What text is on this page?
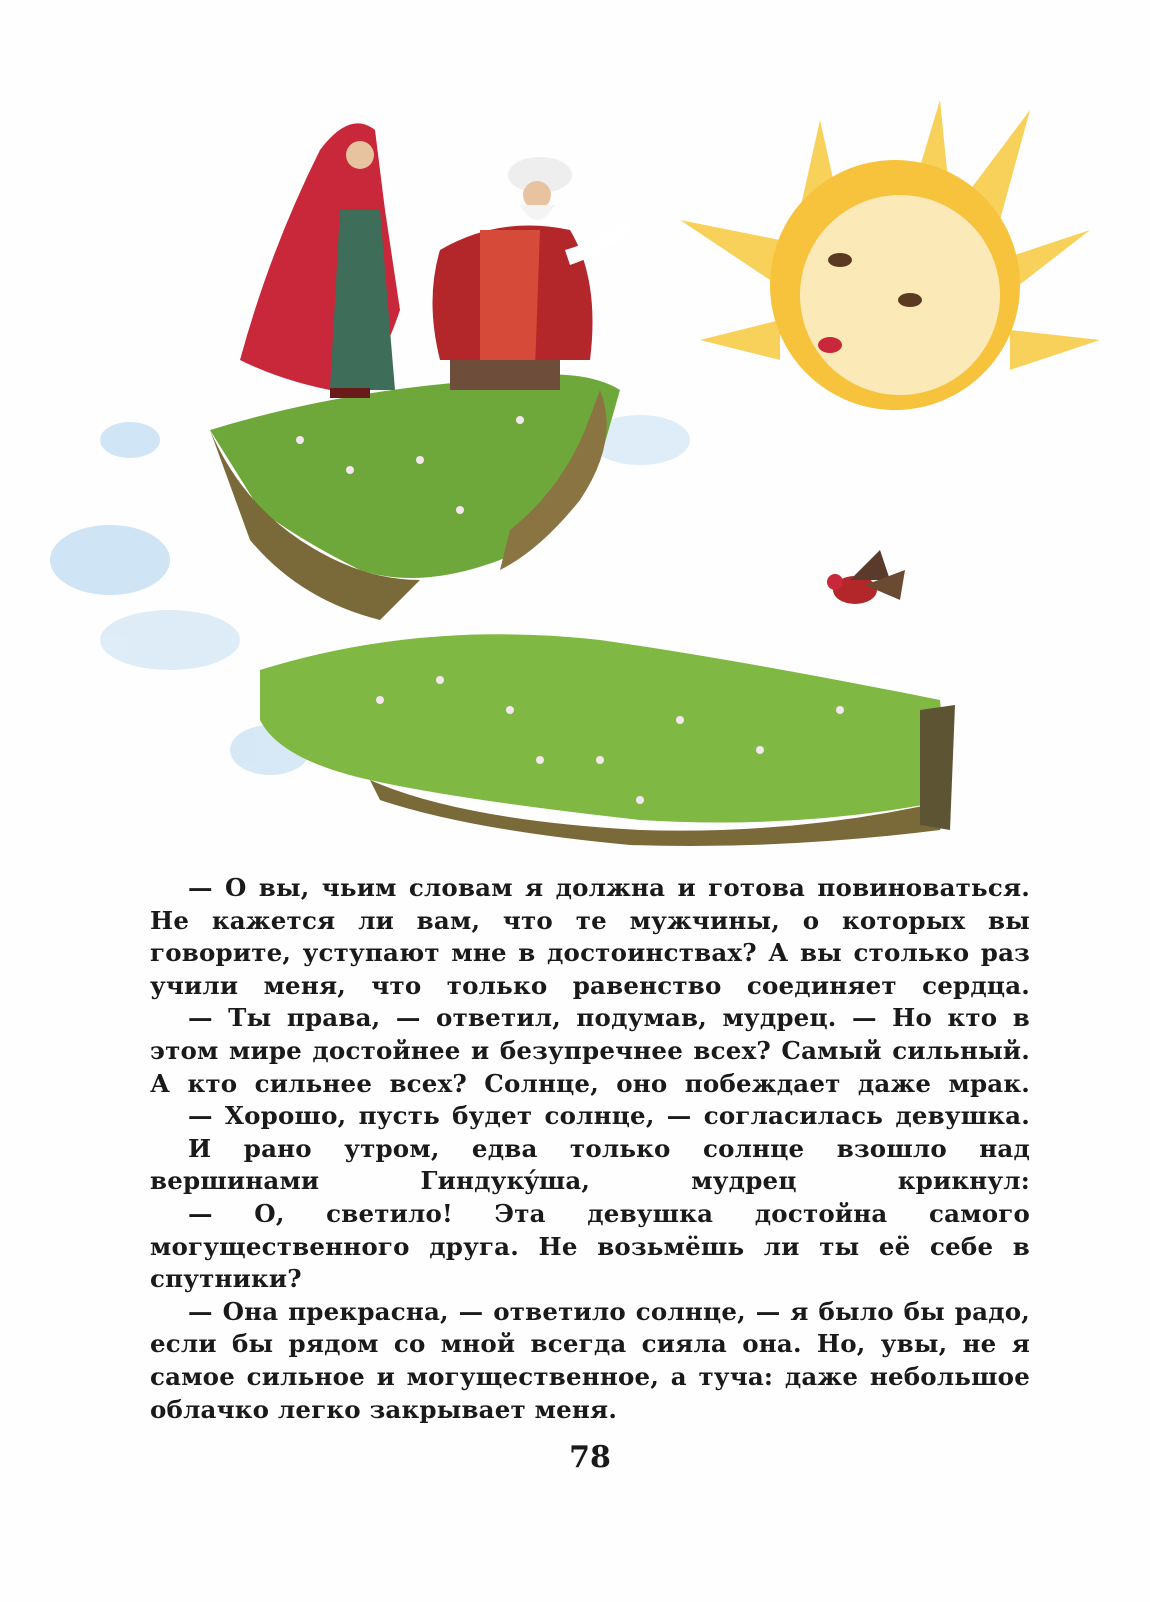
— О вы, чьим словам я должна и готова повиноваться. Не кажется ли вам, что те мужчины, о которых вы говорите, уступают мне в достоинствах? А вы столько раз учили меня, что только равенство соединяет сердца.

— Ты права, — ответил, подумав, мудрец. — Но кто в этом мире достойнее и безупречнее всех? Самый сильный. А кто сильнее всех? Солнце, оно побеждает даже мрак.

— Хорошо, пусть будет солнце, — согласилась девушка.

И рано утром, едва только солнце взошло над вершинами Гиндукýша, мудрец крикнул:

— О, светило! Эта девушка достойна самого могущественного друга. Не возьмёшь ли ты её себе в спутники?

— Она прекрасна, — ответило солнце, — я было бы радо, если бы рядом со мной всегда сияла она. Но, увы, не я самое сильное и могущественное, а туча: даже небольшое облачко легко закрывает меня.

78
